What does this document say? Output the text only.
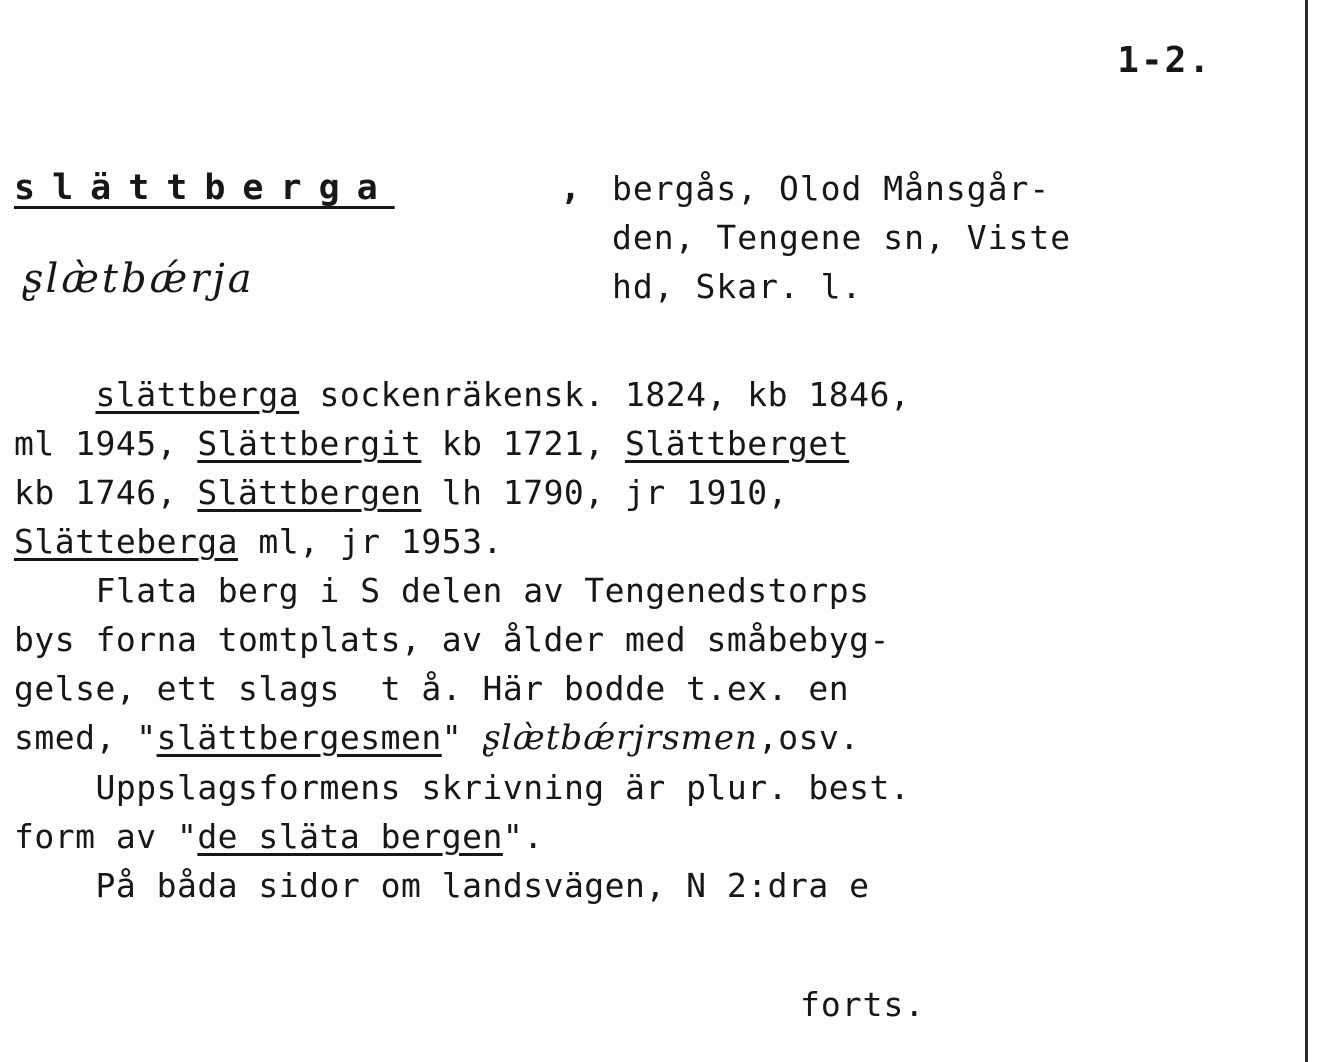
1-2.
slättberga	,
ʂlæ̀tbǽrja
bergås, Olod Månsgår-
den, Tengene sn, Viste
hd, Skar. l.
slättberga sockenräkensk. 1824, kb 1846,
ml 1945, Slättbergit kb 1721, Slättberget
kb 1746, Slättbergen lh 1790, jr 1910,
Slätteberga ml, jr 1953.
Flata berg i S delen av Tengenedstorps
bys forna tomtplats, av ålder med småbebyg-
gelse, ett slags  t å. Här bodde t.ex. en
smed, "slättbergesmen" ʂlæ̀tbǽrjrsmen,osv.
Uppslagsformens skrivning är plur. best.
form av "de släta bergen".
På båda sidor om landsvägen, N 2:dra e
forts.
